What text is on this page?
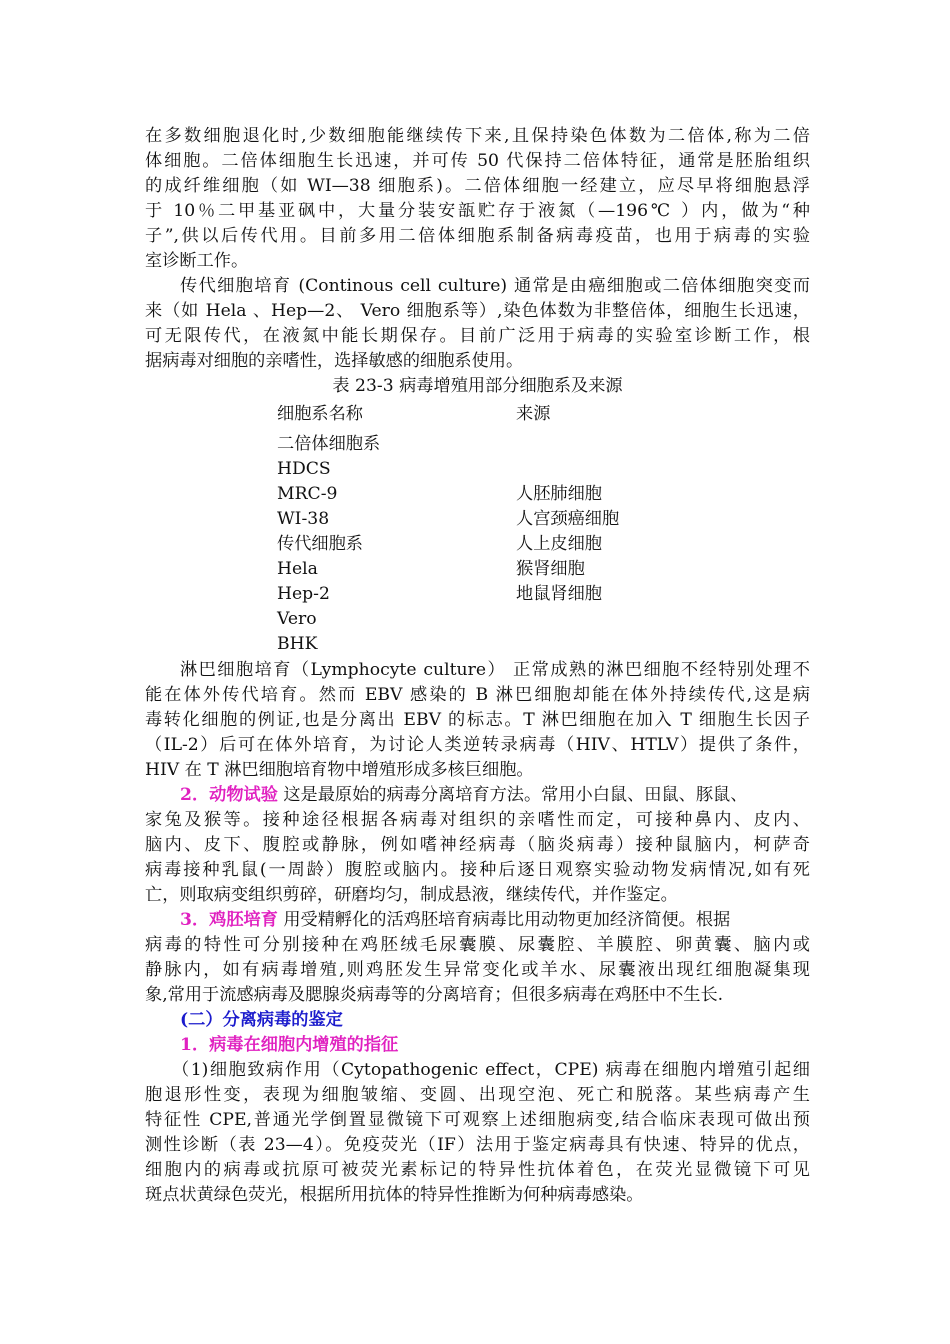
在多数细胞退化时,少数细胞能继续传下来,且保持染色体数为二倍体,称为二倍
体细胞。二倍体细胞生长迅速，并可传 50 代保持二倍体特征，通常是胚胎组织
的成纤维细胞（如 WI—38 细胞系)。二倍体细胞一经建立，应尽早将细胞悬浮
于 10％二甲基亚砜中，大量分装安瓿贮存于液氮（—196℃ ）内，做为“种
子”,供以后传代用。目前多用二倍体细胞系制备病毒疫苗，也用于病毒的实验
室诊断工作。
传代细胞培育 (Continous cell culture) 通常是由癌细胞或二倍体细胞突变而
来（如 Hela 、Hep—2、 Vero 细胞系等）,染色体数为非整倍体，细胞生长迅速，
可无限传代，在液氮中能长期保存。目前广泛用于病毒的实验室诊断工作，根
据病毒对细胞的亲嗜性，选择敏感的细胞系使用。
表 23-3 病毒增殖用部分细胞系及来源
细胞系名称	来源
二倍体细胞系
HDCS
MRC-9	人胚肺细胞
WI-38	人宫颈癌细胞
传代细胞系	人上皮细胞
Hela	猴肾细胞
Hep-2	地鼠肾细胞
Vero
BHK
淋巴细胞培育（Lymphocyte culture） 正常成熟的淋巴细胞不经特别处理不
能在体外传代培育。然而 EBV 感染的 B 淋巴细胞却能在体外持续传代,这是病
毒转化细胞的例证,也是分离出 EBV 的标志。T 淋巴细胞在加入 T 细胞生长因子
（IL-2）后可在体外培育，为讨论人类逆转录病毒（HIV、HTLV）提供了条件，
HIV 在 T 淋巴细胞培育物中增殖形成多核巨细胞。
2．动物试验 这是最原始的病毒分离培育方法。常用小白鼠、田鼠、豚鼠、
家兔及猴等。接种途径根据各病毒对组织的亲嗜性而定，可接种鼻内、皮内、
脑内、皮下、腹腔或静脉，例如嗜神经病毒（脑炎病毒）接种鼠脑内，柯萨奇
病毒接种乳鼠(一周龄）腹腔或脑内。接种后逐日观察实验动物发病情况,如有死
亡，则取病变组织剪碎，研磨均匀，制成悬液，继续传代，并作鉴定。
3．鸡胚培育 用受精孵化的活鸡胚培育病毒比用动物更加经济简便。根据
病毒的特性可分别接种在鸡胚绒毛尿囊膜、尿囊腔、羊膜腔、卵黄囊、脑内或
静脉内，如有病毒增殖,则鸡胚发生异常变化或羊水、尿囊液出现红细胞凝集现
象,常用于流感病毒及腮腺炎病毒等的分离培育；但很多病毒在鸡胚中不生长.
(二）分离病毒的鉴定
1．病毒在细胞内增殖的指征
（1)细胞致病作用（Cytopathogenic effect，CPE) 病毒在细胞内增殖引起细
胞退形性变，表现为细胞皱缩、变圆、出现空泡、死亡和脱落。某些病毒产生
特征性 CPE,普通光学倒置显微镜下可观察上述细胞病变,结合临床表现可做出预
测性诊断（表 23—4）。免疫荧光（IF）法用于鉴定病毒具有快速、特异的优点，
细胞内的病毒或抗原可被荧光素标记的特异性抗体着色，在荧光显微镜下可见
斑点状黄绿色荧光，根据所用抗体的特异性推断为何种病毒感染。
